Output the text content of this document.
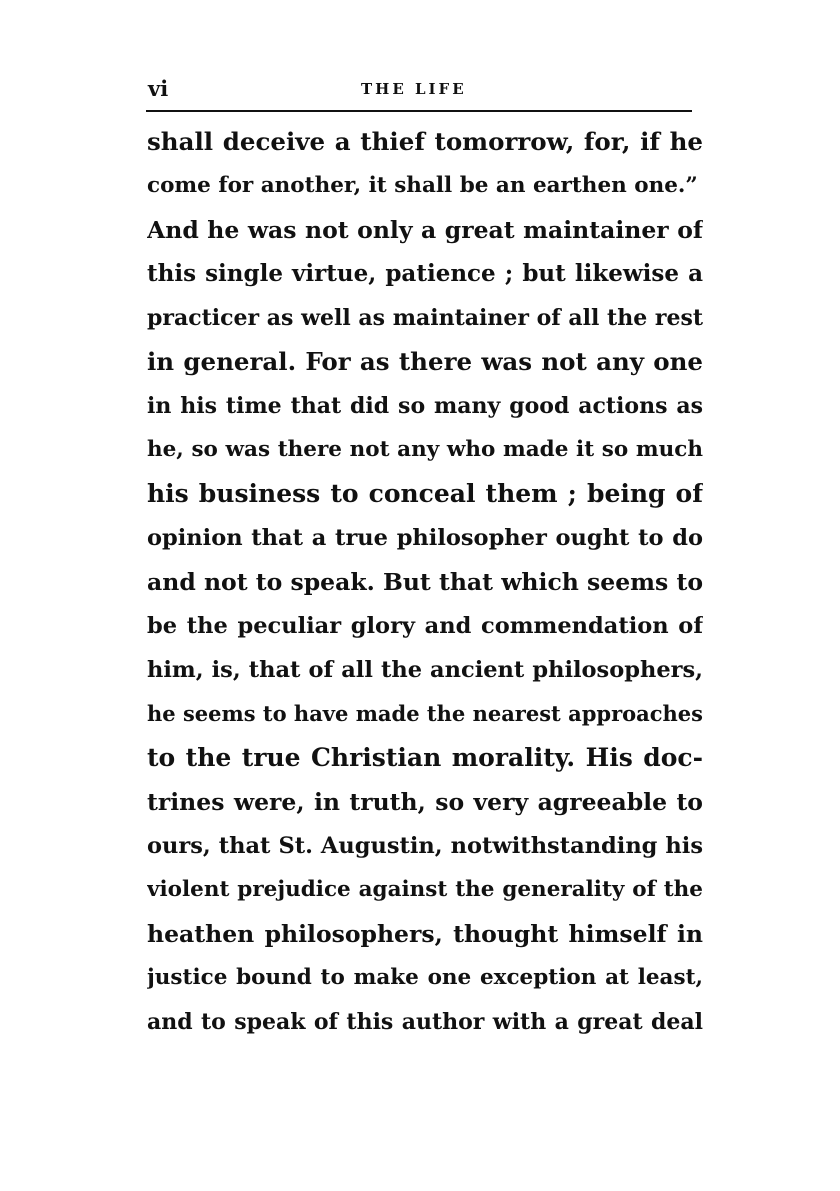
vi	THE LIFE
shall deceive a thief tomorrow, for, if he
come for another, it shall be an earthen one.”
And he was not only a great maintainer of
this single virtue, patience ; but likewise a
practicer as well as maintainer of all the rest
in general. For as there was not any one
in his time that did so many good actions as
he, so was there not any who made it so much
his business to conceal them ; being of
opinion that a true philosopher ought to do
and not to speak. But that which seems to
be the peculiar glory and commendation of
him, is, that of all the ancient philosophers,
he seems to have made the nearest approaches
to the true Christian morality. His doc-
trines were, in truth, so very agreeable to
ours, that St. Augustin, notwithstanding his
violent prejudice against the generality of the
heathen philosophers, thought himself in
justice bound to make one exception at least,
and to speak of this author with a great deal
